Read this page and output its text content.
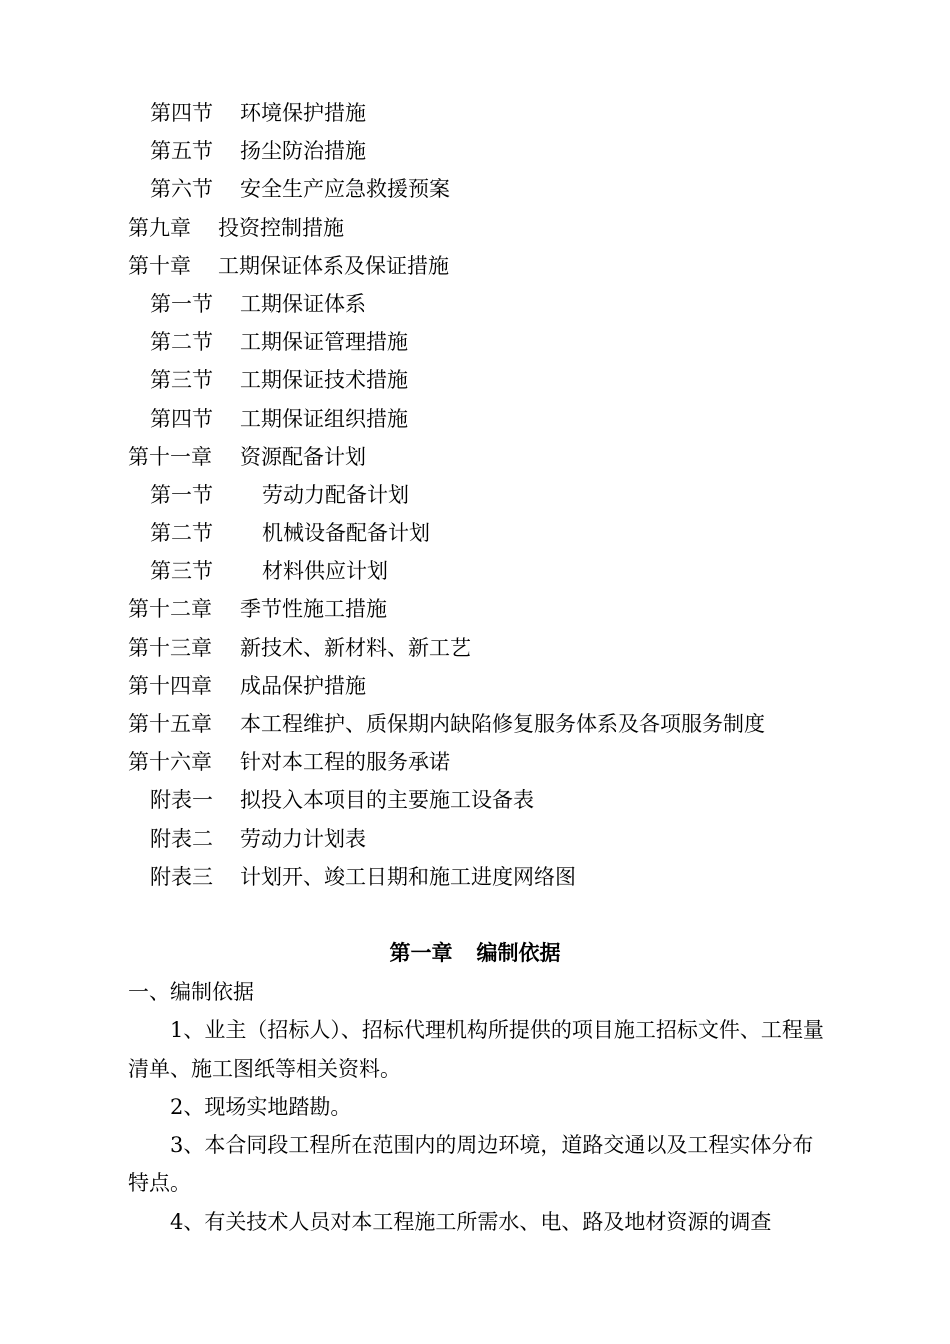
第四节 环境保护措施
第五节 扬尘防治措施
第六节 安全生产应急救援预案
第九章 投资控制措施
第十章 工期保证体系及保证措施
第一节 工期保证体系
第二节 工期保证管理措施
第三节 工期保证技术措施
第四节 工期保证组织措施
第十一章 资源配备计划
第一节 劳动力配备计划
第二节 机械设备配备计划
第三节 材料供应计划
第十二章 季节性施工措施
第十三章 新技术、新材料、新工艺
第十四章 成品保护措施
第十五章 本工程维护、质保期内缺陷修复服务体系及各项服务制度
第十六章 针对本工程的服务承诺
附表一 拟投入本项目的主要施工设备表
附表二 劳动力计划表
附表三 计划开、竣工日期和施工进度网络图
第一章 编制依据

一、编制依据

1、业主（招标人）、招标代理机构所提供的项目施工招标文件、工程量清单、施工图纸等相关资料。

2、现场实地踏勘。

3、本合同段工程所在范围内的周边环境，道路交通以及工程实体分布特点。

4、有关技术人员对本工程施工所需水、电、路及地材资源的调查
